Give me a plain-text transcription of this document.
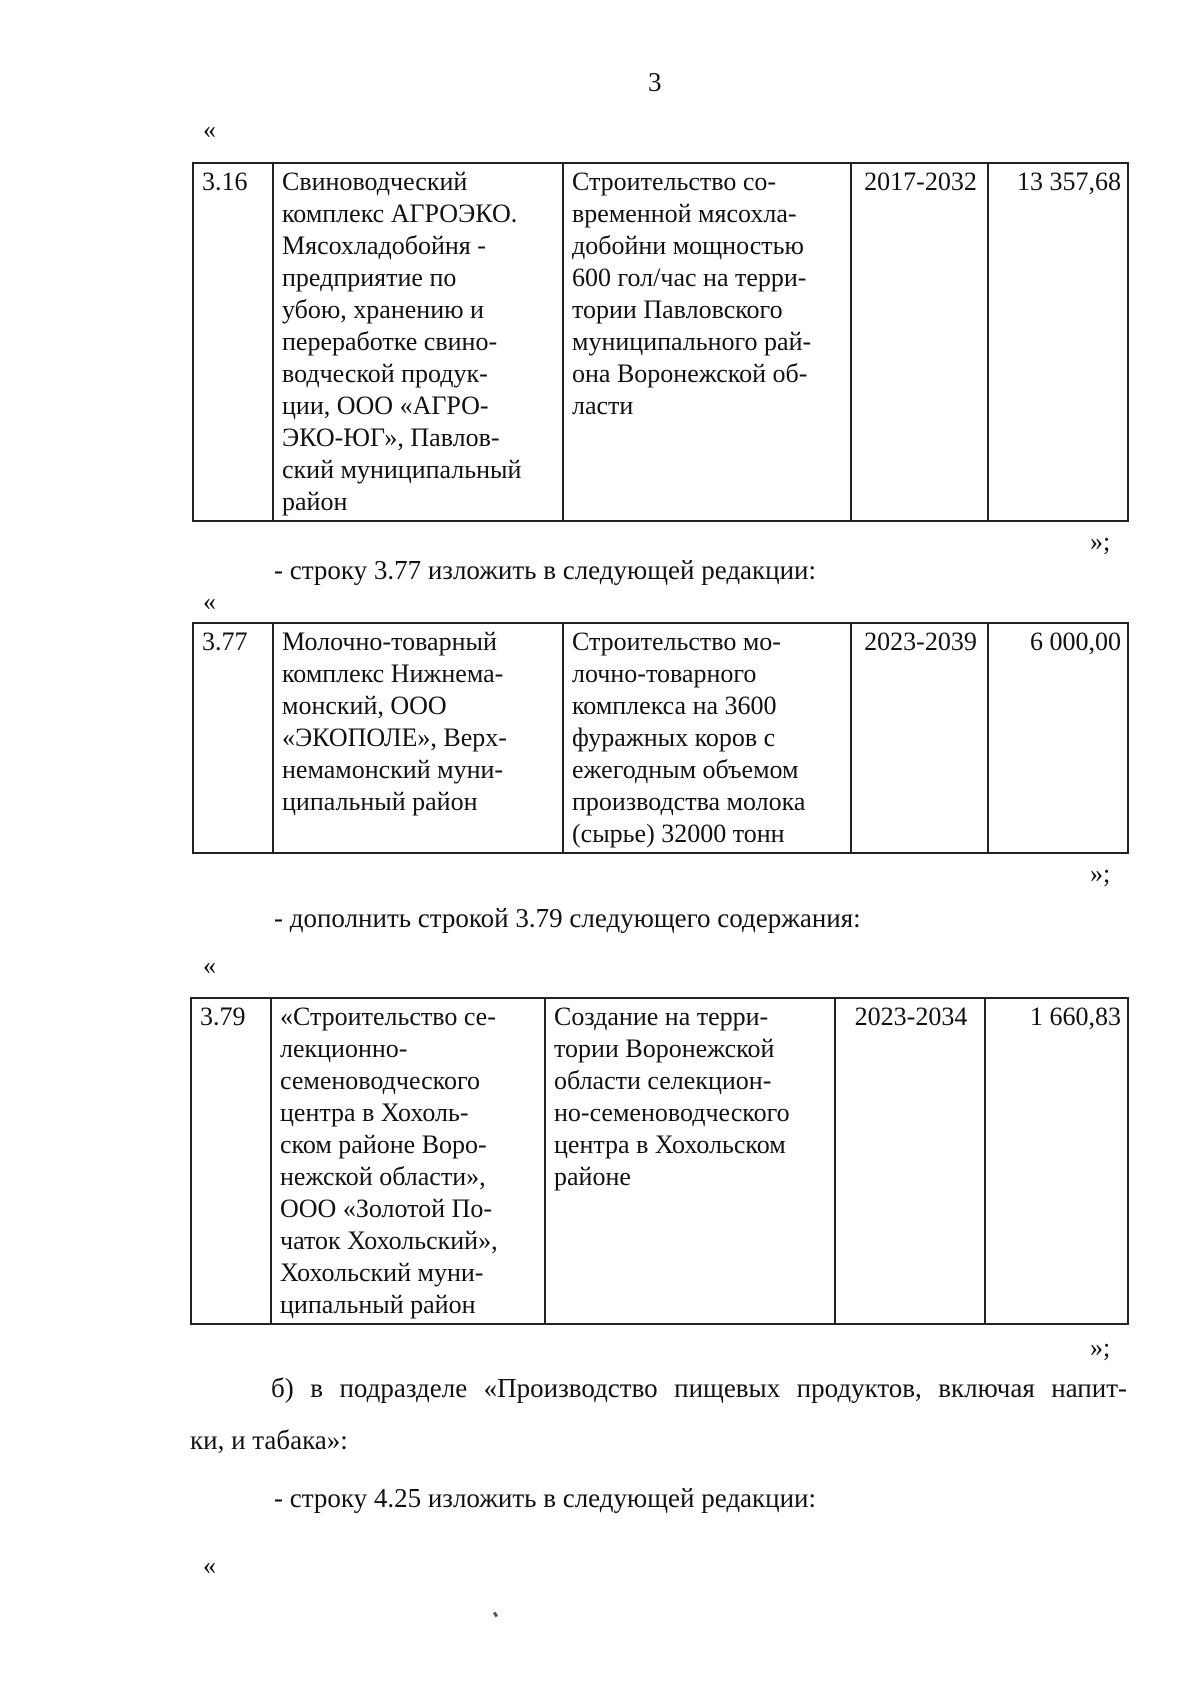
3
«
3.16	Свиноводческий
комплекс АГРОЭКО.
Мясохладобойня -
предприятие по
убою, хранению и
переработке свино-
водческой продук-
ции, ООО «АГРО-
ЭКО-ЮГ», Павлов-
ский муниципальный
район	Строительство со-
временной мясохла-
добойни мощностью
600 гол/час на терри-
тории Павловского
муниципального рай-
она Воронежской об-
ласти	2017-2032	13 357,68
»;
- строку 3.77 изложить в следующей редакции:
«
3.77	Молочно-товарный
комплекс Нижнема-
монский, ООО
«ЭКОПОЛЕ», Верх-
немамонский муни-
ципальный район	Строительство мо-
лочно-товарного
комплекса на 3600
фуражных коров с
ежегодным объемом
производства молока
(сырье) 32000 тонн	2023-2039	6 000,00
»;
- дополнить строкой 3.79 следующего содержания:
«
3.79	«Строительство се-
лекционно-
семеноводческого
центра в Хохоль-
ском районе Воро-
нежской области»,
ООО «Золотой По-
чаток Хохольский»,
Хохольский муни-
ципальный район	Создание на терри-
тории Воронежской
области селекцион-
но-семеноводческого
центра в Хохольском
районе	2023-2034	1 660,83
»;
б) в подразделе «Производство пищевых продуктов, включая напит-
ки, и табака»:
- строку 4.25 изложить в следующей редакции:
«
